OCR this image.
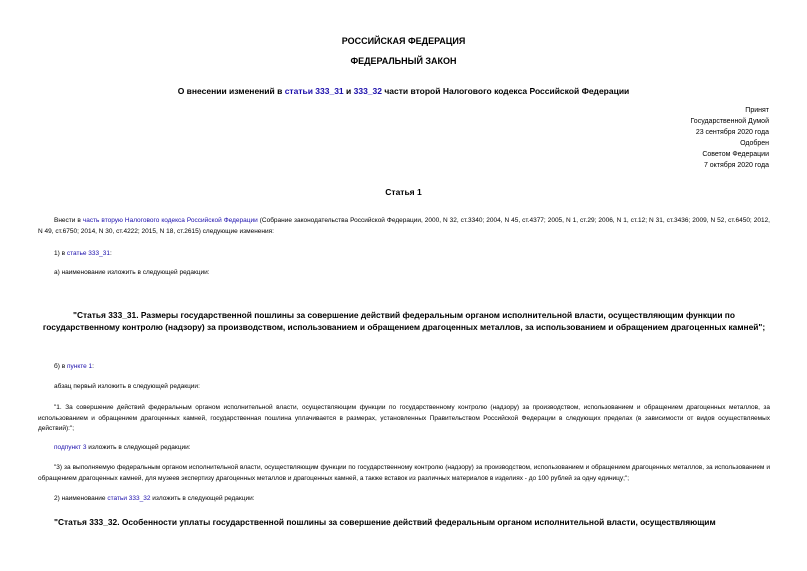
РОССИЙСКАЯ ФЕДЕРАЦИЯ
ФЕДЕРАЛЬНЫЙ ЗАКОН
О внесении изменений в статьи 333_31 и 333_32 части второй Налогового кодекса Российской Федерации
Принят
Государственной Думой
23 сентября 2020 года
Одобрен
Советом Федерации
7 октября 2020 года
Статья 1
Внести в часть вторую Налогового кодекса Российской Федерации (Собрание законодательства Российской Федерации, 2000, N 32, ст.3340; 2004, N 45, ст.4377; 2005, N 1, ст.29; 2006, N 1, ст.12; N 31, ст.3436; 2009, N 52, ст.6450; 2012, N 49, ст.6750; 2014, N 30, ст.4222; 2015, N 18, ст.2615) следующие изменения:
1) в статье 333_31:
а) наименование изложить в следующей редакции:
"Статья 333_31. Размеры государственной пошлины за совершение действий федеральным органом исполнительной власти, осуществляющим функции по государственному контролю (надзору) за производством, использованием и обращением драгоценных металлов, за использованием и обращением драгоценных камней";
б) в пункте 1:
абзац первый изложить в следующей редакции:
"1. За совершение действий федеральным органом исполнительной власти, осуществляющим функции по государственному контролю (надзору) за производством, использованием и обращением драгоценных металлов, за использованием и обращением драгоценных камней, государственная пошлина уплачивается в размерах, установленных Правительством Российской Федерации в следующих пределах (в зависимости от видов осуществляемых действий):";
подпункт 3 изложить в следующей редакции:
"3) за выполняемую федеральным органом исполнительной власти, осуществляющим функции по государственному контролю (надзору) за производством, использованием и обращением драгоценных металлов, за использованием и обращением драгоценных камней, для музеев экспертизу драгоценных металлов и драгоценных камней, а также вставок из различных материалов в изделиях - до 100 рублей за одну единицу;";
2) наименование статьи 333_32 изложить в следующей редакции:
"Статья 333_32. Особенности уплаты государственной пошлины за совершение действий федеральным органом исполнительной власти, осуществляющим
